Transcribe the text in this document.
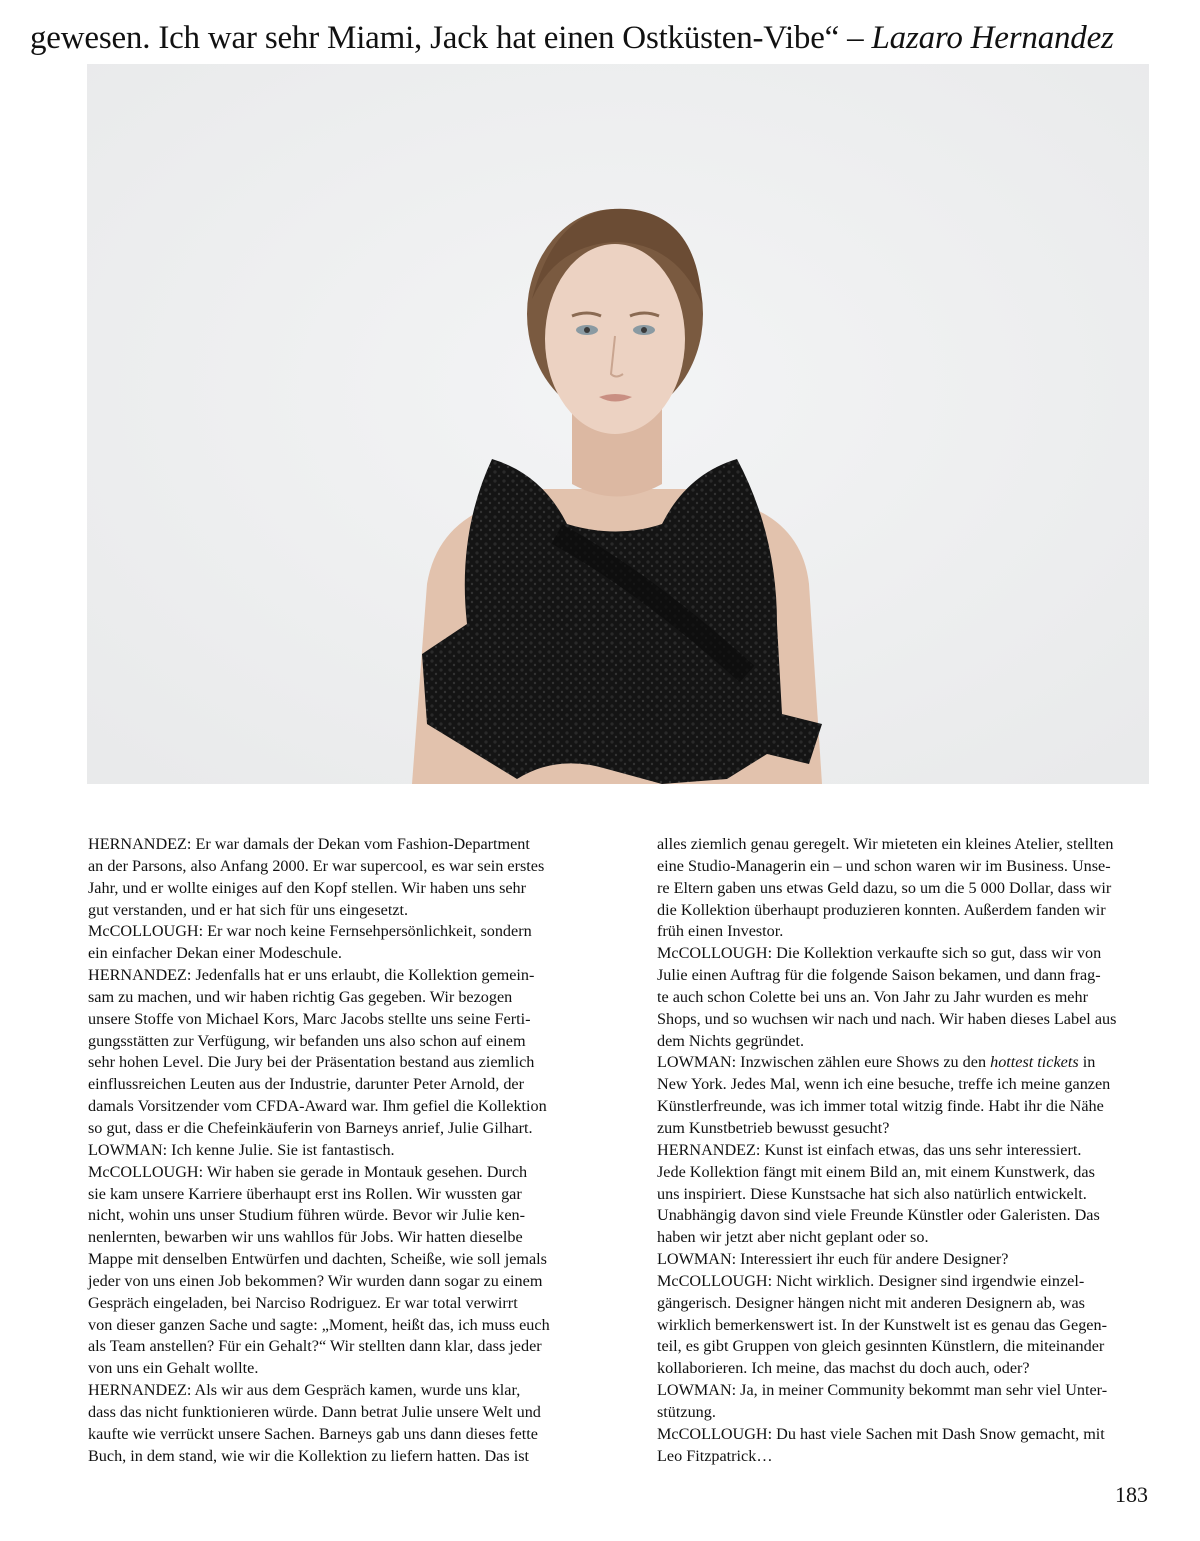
gewesen. Ich war sehr Miami, Jack hat einen Ostküsten-Vibe“ – Lazaro Hernandez

HERNANDEZ: Er war damals der Dekan vom Fashion-Department

an der Parsons, also Anfang 2000. Er war supercool, es war sein erstes

Jahr, und er wollte einiges auf den Kopf stellen. Wir haben uns sehr

gut verstanden, und er hat sich für uns eingesetzt.

McCOLLOUGH: Er war noch keine Fernsehpersönlichkeit, sondern

ein einfacher Dekan einer Modeschule.

HERNANDEZ: Jedenfalls hat er uns erlaubt, die Kollektion gemein-

sam zu machen, und wir haben richtig Gas gegeben. Wir bezogen

unsere Stoffe von Michael Kors, Marc Jacobs stellte uns seine Ferti-

gungsstätten zur Verfügung, wir befanden uns also schon auf einem

sehr hohen Level. Die Jury bei der Präsentation bestand aus ziemlich

einflussreichen Leuten aus der Industrie, darunter Peter Arnold, der

damals Vorsitzender vom CFDA-Award war. Ihm gefiel die Kollektion

so gut, dass er die Chefeinkäuferin von Barneys anrief, Julie Gilhart.

LOWMAN: Ich kenne Julie. Sie ist fantastisch.

McCOLLOUGH: Wir haben sie gerade in Montauk gesehen. Durch

sie kam unsere Karriere überhaupt erst ins Rollen. Wir wussten gar

nicht, wohin uns unser Studium führen würde. Bevor wir Julie ken-

nenlernten, bewarben wir uns wahllos für Jobs. Wir hatten dieselbe

Mappe mit denselben Entwürfen und dachten, Scheiße, wie soll jemals

jeder von uns einen Job bekommen? Wir wurden dann sogar zu einem

Gespräch eingeladen, bei Narciso Rodriguez. Er war total verwirrt

von dieser ganzen Sache und sagte: „Moment, heißt das, ich muss euch

als Team anstellen? Für ein Gehalt?“ Wir stellten dann klar, dass jeder

von uns ein Gehalt wollte.

HERNANDEZ: Als wir aus dem Gespräch kamen, wurde uns klar,

dass das nicht funktionieren würde. Dann betrat Julie unsere Welt und

kaufte wie verrückt unsere Sachen. Barneys gab uns dann dieses fette

Buch, in dem stand, wie wir die Kollektion zu liefern hatten. Das ist

alles ziemlich genau geregelt. Wir mieteten ein kleines Atelier, stellten

eine Studio-Managerin ein – und schon waren wir im Business. Unse-

re Eltern gaben uns etwas Geld dazu, so um die 5 000 Dollar, dass wir

die Kollektion überhaupt produzieren konnten. Außerdem fanden wir

früh einen Investor.

McCOLLOUGH: Die Kollektion verkaufte sich so gut, dass wir von

Julie einen Auftrag für die folgende Saison bekamen, und dann frag-

te auch schon Colette bei uns an. Von Jahr zu Jahr wurden es mehr

Shops, und so wuchsen wir nach und nach. Wir haben dieses Label aus

dem Nichts gegründet.

LOWMAN: Inzwischen zählen eure Shows zu den hottest tickets in

New York. Jedes Mal, wenn ich eine besuche, treffe ich meine ganzen

Künstlerfreunde, was ich immer total witzig finde. Habt ihr die Nähe

zum Kunstbetrieb bewusst gesucht?

HERNANDEZ: Kunst ist einfach etwas, das uns sehr interessiert.

Jede Kollektion fängt mit einem Bild an, mit einem Kunstwerk, das

uns inspiriert. Diese Kunstsache hat sich also natürlich entwickelt.

Unabhängig davon sind viele Freunde Künstler oder Galeristen. Das

haben wir jetzt aber nicht geplant oder so.

LOWMAN: Interessiert ihr euch für andere Designer?

McCOLLOUGH: Nicht wirklich. Designer sind irgendwie einzel-

gängerisch. Designer hängen nicht mit anderen Designern ab, was

wirklich bemerkenswert ist. In der Kunstwelt ist es genau das Gegen-

teil, es gibt Gruppen von gleich gesinnten Künstlern, die miteinander

kollaborieren. Ich meine, das machst du doch auch, oder?

LOWMAN: Ja, in meiner Community bekommt man sehr viel Unter-

stützung.

McCOLLOUGH: Du hast viele Sachen mit Dash Snow gemacht, mit

Leo Fitzpatrick…

183
